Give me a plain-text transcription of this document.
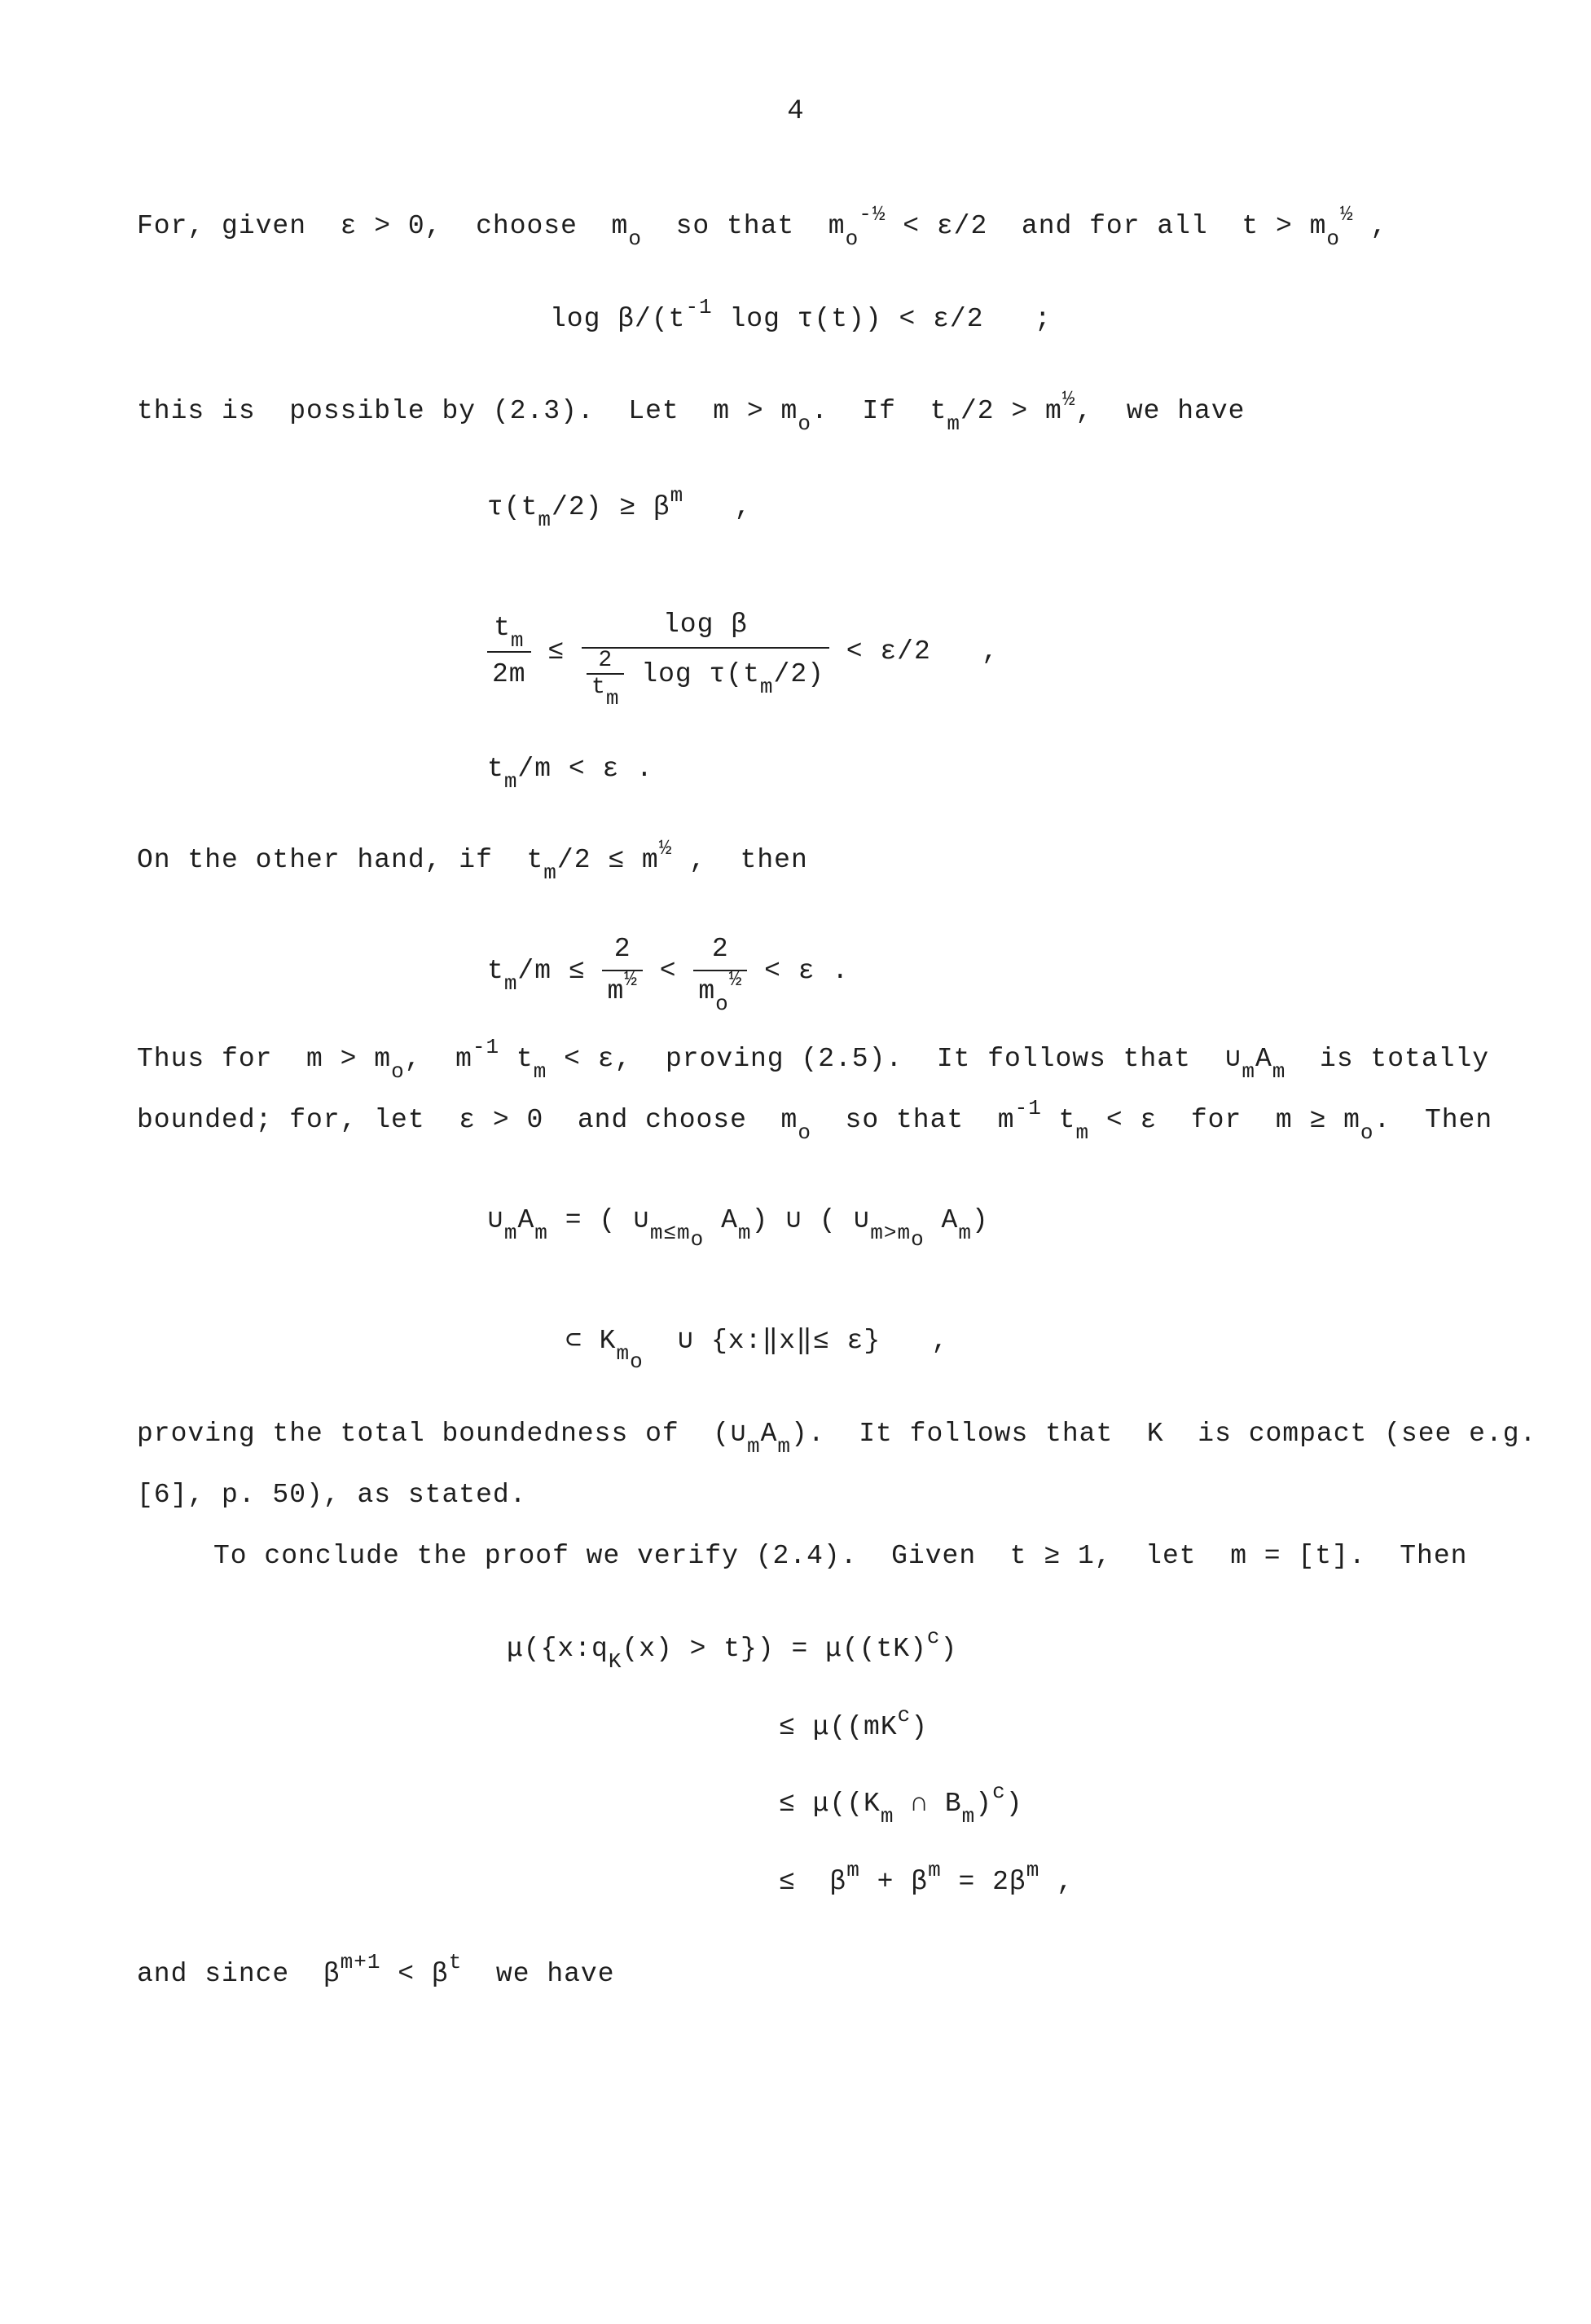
4
For, given ε > 0, choose $m_o$ so that $m_o^{-\frac{1}{2}} < \varepsilon/2$ and for all $t > m_o^{\frac{1}{2}}$ ,
$\log \beta/(t^{-1}$ log τ(t)) < ε/2   ;
this is  possible by (2.3).  Let  $m > m_o$.  If $t_m/2 > m^{\frac{1}{2}}$,  we have
$\tau(t_m/2) \ge \beta^m$   ,
$\frac{t_m}{2m} \le \frac{\text{log β}}{\frac{2}{tm} \log \tau(t_m/2)} < \varepsilon/2$   ,
$t_m/m < \varepsilon$ .
On the other hand, if $t_m/2 \le m^{\frac{1}{2}}$ ,  then
$t_m/m \le \frac{2}{m^{\frac{1}{2}}} < \frac{2}{m_o^{\frac{1}{2}}} < \varepsilon$ .
Thus for  $m > m_o$,  $m^{-1}$ $t_m < \varepsilon$,  proving (2.5).  It follows that $\cup_mA_m$ is totally
bounded; for, let  ε > 0  and choose  $m_o$ so that  $m^{-1}$ $t_m < \varepsilon$  for  $m \ge m_o$.  Then
$\cup_mA_m$ = ( $\cup_{m\le mo}$ $A_m$) ∪ ( $\cup_{m>mo}$ $A_m$)
⊂ $K_{mo}$  ∪ {x:‖x‖≤ ε}   ,
proving the total boundedness of  $(\cup_mA_m)$.  It follows that  K  is compact (see e.g.
[6], p. 50), as stated.
To conclude the proof we verify (2.4).  Given  t ≥ 1,  let  m = [t].  Then
$\mu(\{x:q_K(x) > t\}) = \mu((tK)^c)$
≤ $\mu((mK^c)$
≤ $\mu((K_m$ ∩ $B_m)^c$)
≤  $\beta^m + \beta^m = 2\beta^m$ ,
and since  $\beta^{m+1} < \beta^t$ we have
